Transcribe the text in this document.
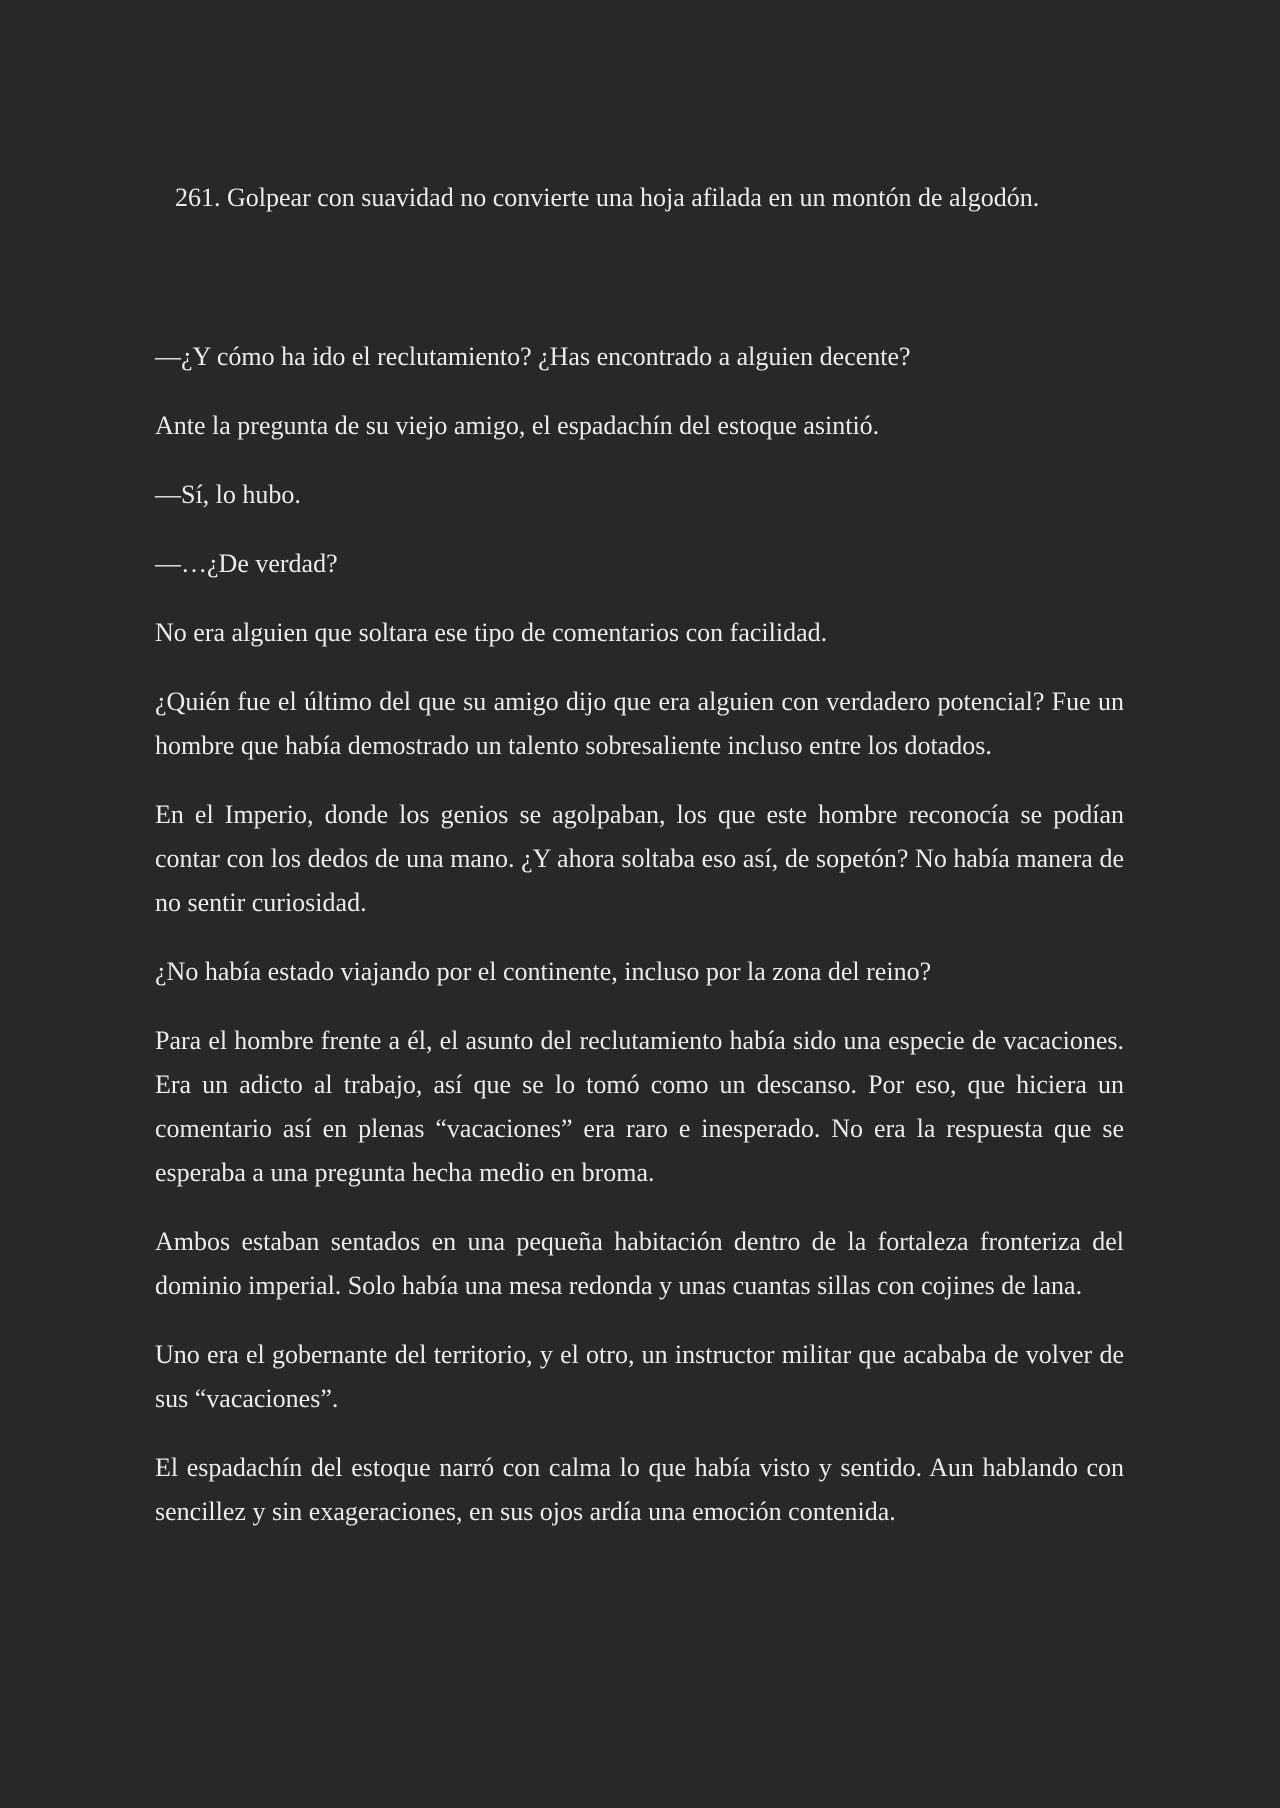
261. Golpear con suavidad no convierte una hoja afilada en un montón de algodón.

—¿Y cómo ha ido el reclutamiento? ¿Has encontrado a alguien decente?

Ante la pregunta de su viejo amigo, el espadachín del estoque asintió.

—Sí, lo hubo.

—…¿De verdad?

No era alguien que soltara ese tipo de comentarios con facilidad.

¿Quién fue el último del que su amigo dijo que era alguien con verdadero potencial? Fue un hombre que había demostrado un talento sobresaliente incluso entre los dotados.

En el Imperio, donde los genios se agolpaban, los que este hombre reconocía se podían contar con los dedos de una mano. ¿Y ahora soltaba eso así, de sopetón? No había manera de no sentir curiosidad.

¿No había estado viajando por el continente, incluso por la zona del reino?

Para el hombre frente a él, el asunto del reclutamiento había sido una especie de vacaciones. Era un adicto al trabajo, así que se lo tomó como un descanso. Por eso, que hiciera un comentario así en plenas “vacaciones” era raro e inesperado. No era la respuesta que se esperaba a una pregunta hecha medio en broma.

Ambos estaban sentados en una pequeña habitación dentro de la fortaleza fronteriza del dominio imperial. Solo había una mesa redonda y unas cuantas sillas con cojines de lana.

Uno era el gobernante del territorio, y el otro, un instructor militar que acababa de volver de sus “vacaciones”.

El espadachín del estoque narró con calma lo que había visto y sentido. Aun hablando con sencillez y sin exageraciones, en sus ojos ardía una emoción contenida.
